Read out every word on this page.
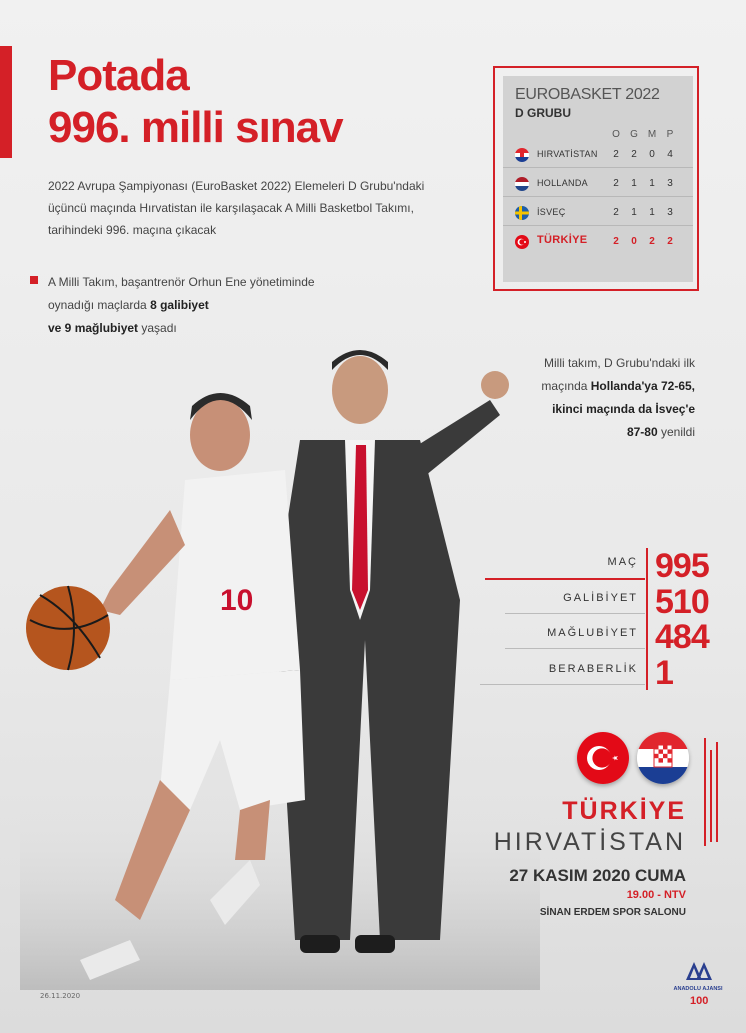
Potada
996. milli sınav
2022 Avrupa Şampiyonası (EuroBasket 2022) Elemeleri D Grubu'ndaki üçüncü maçında Hırvatistan ile karşılaşacak A Milli Basketbol Takımı, tarihindeki 996. maçına çıkacak
A Milli Takım, başantrenör Orhun Ene yönetiminde oynadığı maçlarda 8 galibiyet
ve 9 mağlubiyet yaşadı
EUROBASKET 2022
D GRUBU
O	G M	P
HIRVATİSTAN	2	2	0	4
HOLLANDA	2	1	1	3
İSVEÇ	2	1	1	3
TÜRKİYE	2	0	2	2
10
Milli takım, D Grubu'ndaki ilk maçında Hollanda'ya 72-65, ikinci maçında da İsveç'e 87-80 yenildi
MAÇ 995
GALİBİYET 510
MAĞLUBİYET 484
BERABERLİK 1
TÜRKİYE
HIRVATİSTAN
27 KASIM 2020 CUMA
19.00 - NTV
SİNAN ERDEM SPOR SALONU
26.11.2020
ANADOLU AJANSI
100
